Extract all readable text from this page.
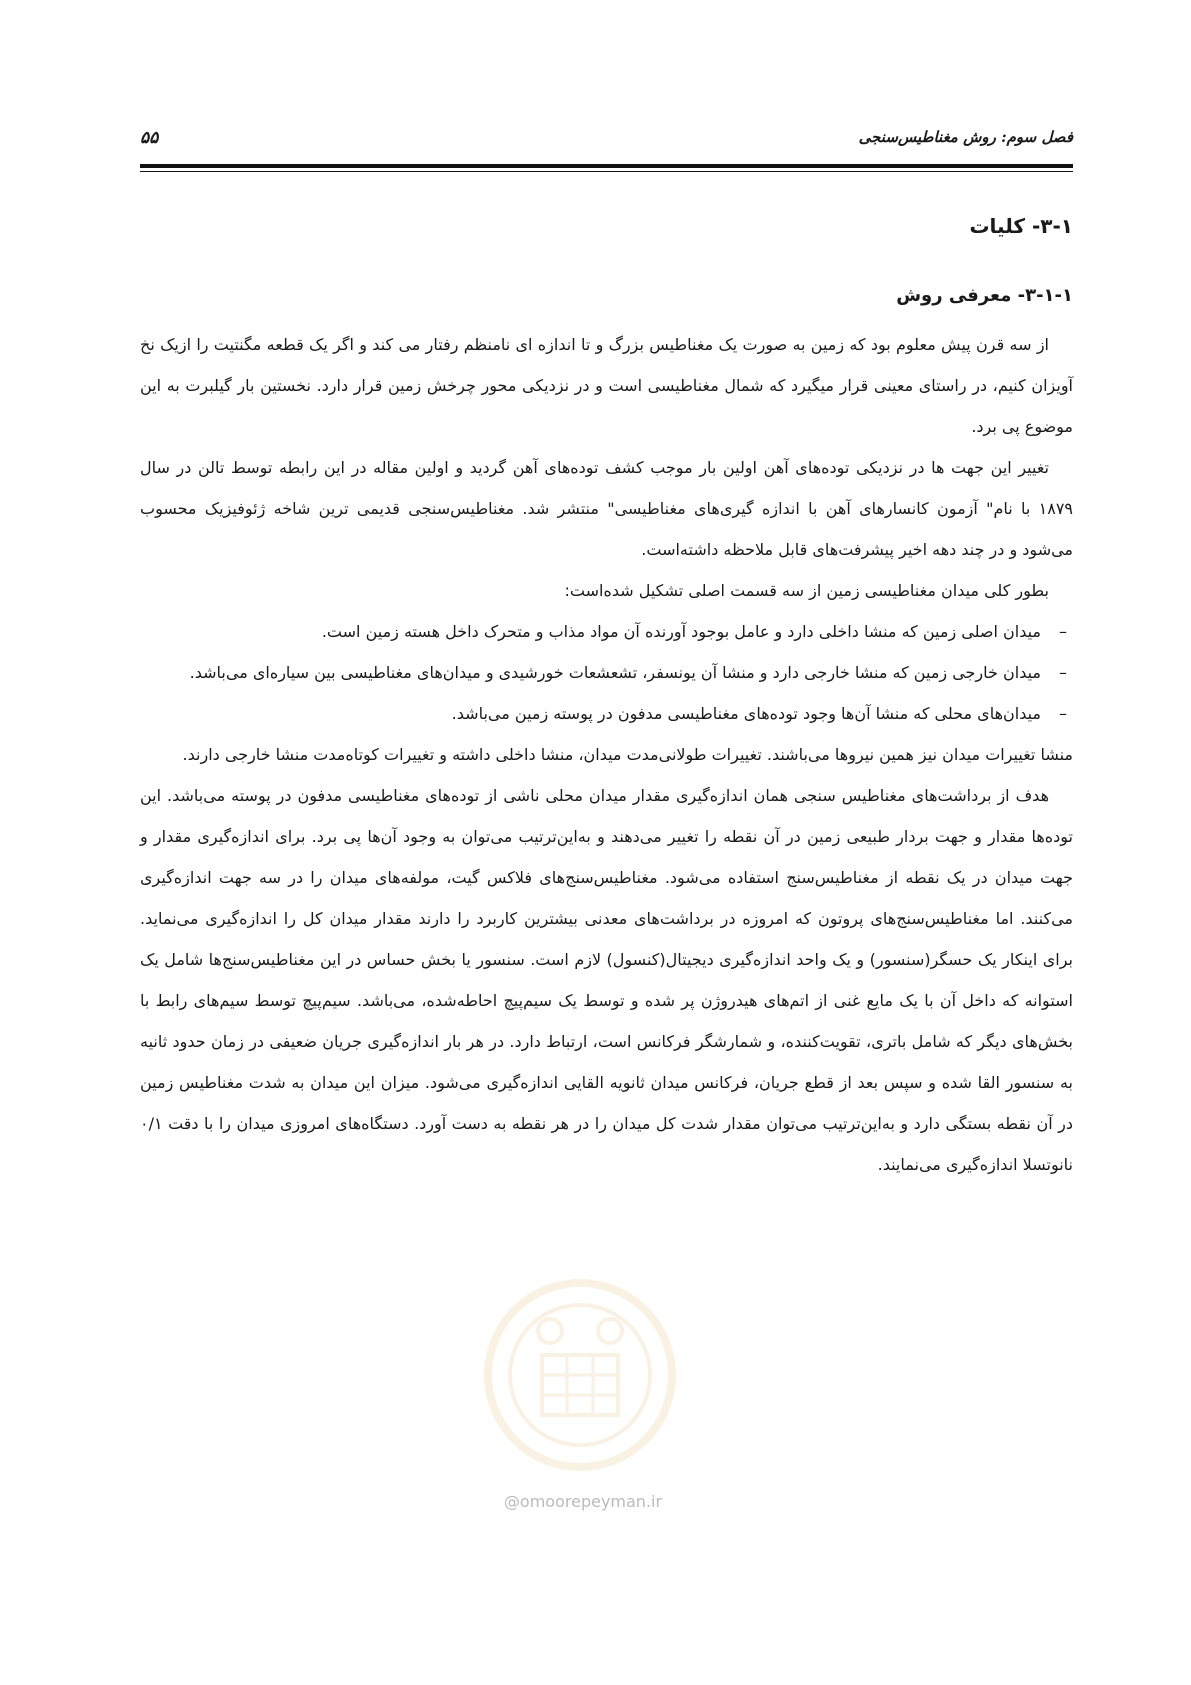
۵۵	فصل سوم: روش مغناطیس‌سنجی
۳-۱- کلیات
۳-۱-۱- معرفی روش

از سه قرن پیش معلوم بود که زمین به صورت یک مغناطیس بزرگ و تا اندازه ای نامنظم رفتار می کند و اگر یک قطعه مگنتیت را ازیک نخ آویزان کنیم، در راستای معینی قرار میگیرد که شمال مغناطیسی است و در نزدیکی محور چرخش زمین قرار دارد. نخستین بار گیلبرت به این موضوع پی برد.

تغییر این جهت ها در نزدیکی توده‌های آهن اولین بار موجب کشف توده‌های آهن گردید و اولین مقاله در این رابطه توسط تالن در سال ۱۸۷۹ با نام" آزمون کانسارهای آهن با اندازه گیری‌های مغناطیسی" منتشر شد. مغناطیس‌سنجی قدیمی ترین شاخه ژئوفیزیک محسوب می‌شود و در چند دهه اخیر پیشرفت‌های قابل ملاحظه داشته‌است.

بطور کلی میدان مغناطیسی زمین از سه قسمت اصلی تشکیل شده‌است:

–
میدان اصلی زمین که منشا داخلی دارد و عامل بوجود آورنده آن مواد مذاب و متحرک داخل هسته زمین است.
–
میدان خارجی زمین که منشا خارجی دارد و منشا آن یونسفر، تشعشعات خورشیدی و میدان‌های مغناطیسی بین سیاره‌ای می‌باشد.
–
میدان‌های محلی که منشا آن‌ها وجود توده‌های مغناطیسی مدفون در پوسته زمین می‌باشد.

منشا تغییرات میدان نیز همین نیروها می‌باشند. تغییرات طولانی‌مدت میدان، منشا داخلی داشته و تغییرات کوتاه‌مدت منشا خارجی دارند.

هدف از برداشت‌های مغناطیس سنجی همان اندازه‌گیری مقدار میدان محلی ناشی از توده‌های مغناطیسی مدفون در پوسته می‌باشد. این توده‌ها مقدار و جهت بردار طبیعی زمین در آن نقطه را تغییر می‌دهند و به‌این‌ترتیب می‌توان به وجود آن‌ها پی برد. برای اندازه‌گیری مقدار و جهت میدان در یک نقطه از مغناطیس‌سنج استفاده می‌شود. مغناطیس‌سنج‌های فلاکس گیت، مولفه‌های میدان را در سه جهت اندازه‌گیری می‌کنند. اما مغناطیس‌سنج‌های پروتون که امروزه در برداشت‌های معدنی بیشترین کاربرد را دارند مقدار میدان کل را اندازه‌گیری می‌نماید. برای اینکار یک حسگر(سنسور) و یک واحد اندازه‌گیری دیجیتال(کنسول) لازم است. سنسور یا بخش حساس در این مغناطیس‌سنج‌ها شامل یک استوانه که داخل آن با یک مایع غنی از اتم‌های هیدروژن پر شده و توسط یک سیم‌پیچ احاطه‌شده، می‌باشد. سیم‌پیچ توسط سیم‌های رابط با بخش‌های دیگر که شامل باتری، تقویت‌کننده، و شمارشگر فرکانس است، ارتباط دارد. در هر بار اندازه‌گیری جریان ضعیفی در زمان حدود ثانیه به سنسور القا شده و سپس بعد از قطع جریان، فرکانس میدان ثانویه القایی اندازه‌گیری می‌شود. میزان این میدان به شدت مغناطیس زمین در آن نقطه بستگی دارد و به‌این‌ترتیب می‌توان مقدار شدت کل میدان را در هر نقطه به دست آورد. دستگاه‌های امروزی میدان را با دقت ۰/۱ نانوتسلا اندازه‌گیری می‌نمایند.

@omoorepeyman.ir
